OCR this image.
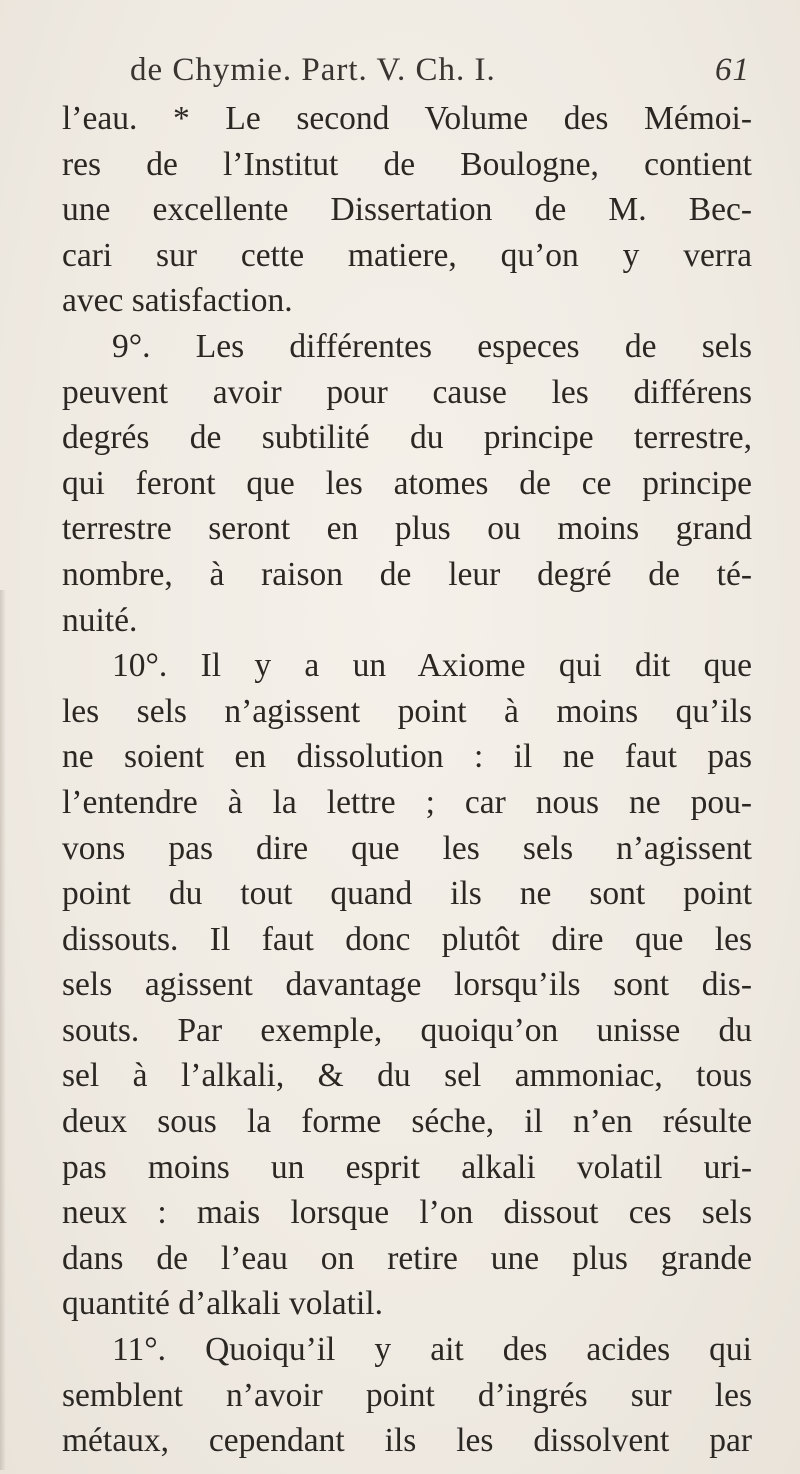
de Chymie. Part. V. Ch. I.	61
l’eau. * Le second Volume des Mémoi-
res de l’Institut de Boulogne, contient
une excellente Dissertation de M. Bec-
cari sur cette matiere, qu’on y verra
avec satisfaction.
9°. Les différentes especes de sels
peuvent avoir pour cause les différens
degrés de subtilité du principe terrestre,
qui feront que les atomes de ce principe
terrestre seront en plus ou moins grand
nombre, à raison de leur degré de té-
nuité.
10°. Il y a un Axiome qui dit que
les sels n’agissent point à moins qu’ils
ne soient en dissolution : il ne faut pas
l’entendre à la lettre ; car nous ne pou-
vons pas dire que les sels n’agissent
point du tout quand ils ne sont point
dissouts. Il faut donc plutôt dire que les
sels agissent davantage lorsqu’ils sont dis-
souts. Par exemple, quoiqu’on unisse du
sel à l’alkali, & du sel ammoniac, tous
deux sous la forme séche, il n’en résulte
pas moins un esprit alkali volatil uri-
neux : mais lorsque l’on dissout ces sels
dans de l’eau on retire une plus grande
quantité d’alkali volatil.
11°. Quoiqu’il y ait des acides qui
semblent n’avoir point d’ingrés sur les
métaux, cependant ils les dissolvent par
